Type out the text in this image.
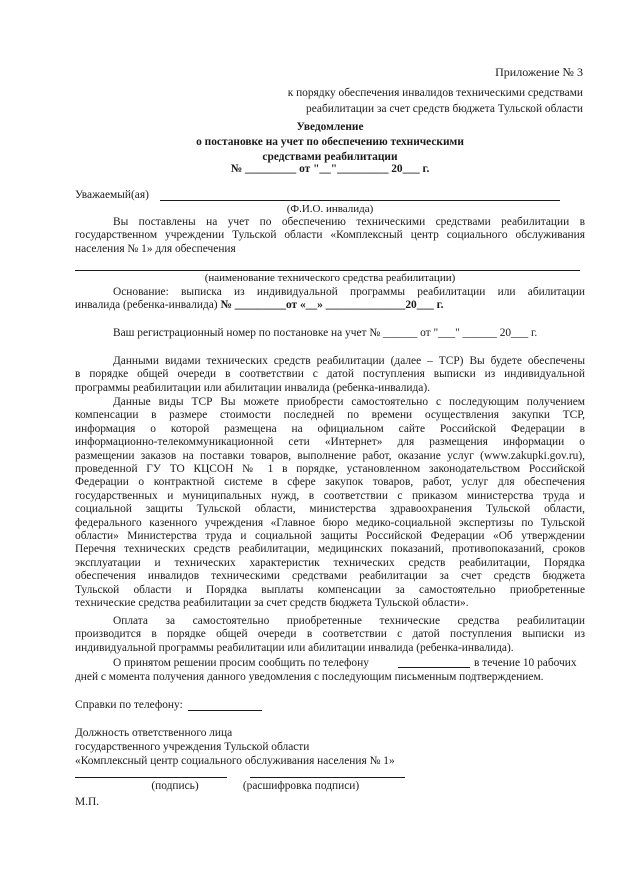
Приложение № 3
к порядку обеспечения инвалидов техническими средствами
реабилитации за счет средств бюджета Тульской области
Уведомление
о постановке на учет по обеспечению техническими
средствами реабилитации
№ _________ от "__"_________ 20___ г.
Уважаемый(ая)
(Ф.И.О. инвалида)
Вы поставлены на учет по обеспечению техническими средствами реабилитации в
государственном учреждении Тульской области «Комплексный центр социального обслуживания
населения № 1» для обеспечения
(наименование технического средства реабилитации)
Основание: выписка из индивидуальной программы реабилитации или абилитации
инвалида (ребенка-инвалида) № _________от «__» ______________20___ г.
Ваш регистрационный номер по постановке на учет № ______ от "___" ______ 20___ г.
Данными видами технических средств реабилитации (далее – ТСР) Вы будете обеспечены
в порядке общей очереди в соответствии с датой поступления выписки из индивидуальной
программы реабилитации или абилитации инвалида (ребенка-инвалида).
Данные виды ТСР Вы можете приобрести самостоятельно с последующим получением
компенсации в размере стоимости последней по времени осуществления закупки ТСР,
информация о которой размещена на официальном сайте Российской Федерации в
информационно-телекоммуникационной сети «Интернет» для размещения информации о
размещении заказов на поставки товаров, выполнение работ, оказание услуг (www.zakupki.gov.ru),
проведенной ГУ ТО КЦСОН № 1 в порядке, установленном законодательством Российской
Федерации о контрактной системе в сфере закупок товаров, работ, услуг для обеспечения
государственных и муниципальных нужд, в соответствии с приказом министерства труда и
социальной защиты Тульской области, министерства здравоохранения Тульской области,
федерального казенного учреждения «Главное бюро медико-социальной экспертизы по Тульской
области» Министерства труда и социальной защиты Российской Федерации «Об утверждении
Перечня технических средств реабилитации, медицинских показаний, противопоказаний, сроков
эксплуатации и технических характеристик технических средств реабилитации, Порядка
обеспечения инвалидов техническими средствами реабилитации за счет средств бюджета
Тульской области и Порядка выплаты компенсации за самостоятельно приобретенные
технические средства реабилитации за счет средств бюджета Тульской области».
Оплата за самостоятельно приобретенные технические средства реабилитации
производится в порядке общей очереди в соответствии с датой поступления выписки из
индивидуальной программы реабилитации или абилитации инвалида (ребенка-инвалида).
О принятом решении просим сообщить по телефону	в течение 10 рабочих
дней с момента получения данного уведомления с последующим письменным подтверждением.
Справки по телефону:
Должность ответственного лица
государственного учреждения Тульской области
«Комплексный центр социального обслуживания населения № 1»
(подпись)	(расшифровка подписи)
М.П.
